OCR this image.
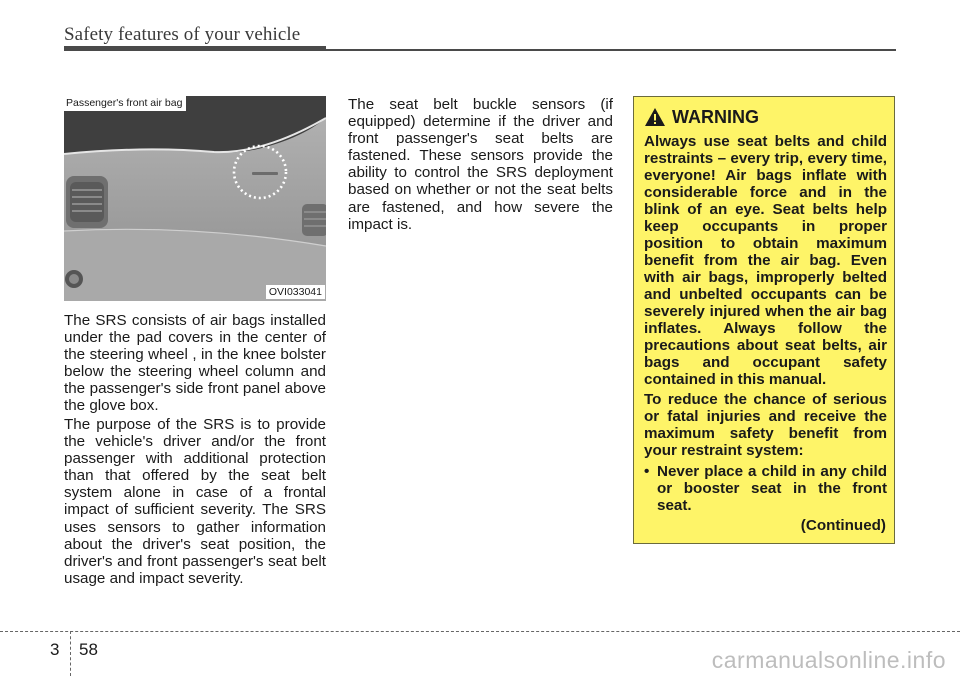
Safety features of your vehicle
Passenger's front air bag
OVI033041

The SRS consists of air bags installed under the pad covers in the center of the steering wheel , in the knee bolster below the steering wheel column and the passenger's side front panel above the glove box.

The purpose of the SRS is to provide the vehicle's driver and/or the front passenger with additional protection than that offered by the seat belt system alone in case of a frontal impact of sufficient severity. The SRS uses sensors to gather information about the driver's seat position, the driver's and front passenger's seat belt usage and impact severity.

The seat belt buckle sensors (if equipped) determine if the driver and front passenger's seat belts are fastened. These sensors provide the ability to control the SRS deployment based on whether or not the seat belts are fastened, and how severe the impact is.

WARNING

Always use seat belts and child restraints – every trip, every time, everyone! Air bags inflate with considerable force and in the blink of an eye. Seat belts help keep occupants in proper position to obtain maximum benefit from the air bag. Even with air bags, improperly belted and unbelted occupants can be severely injured when the air bag inflates. Always follow the precautions about seat belts, air bags and occupant safety contained in this manual.

To reduce the chance of serious or fatal injuries and receive the maximum safety benefit from your restraint system:

• Never place a child in any child or booster seat in the front seat.

(Continued)
3 58	carmanualsonline.info
